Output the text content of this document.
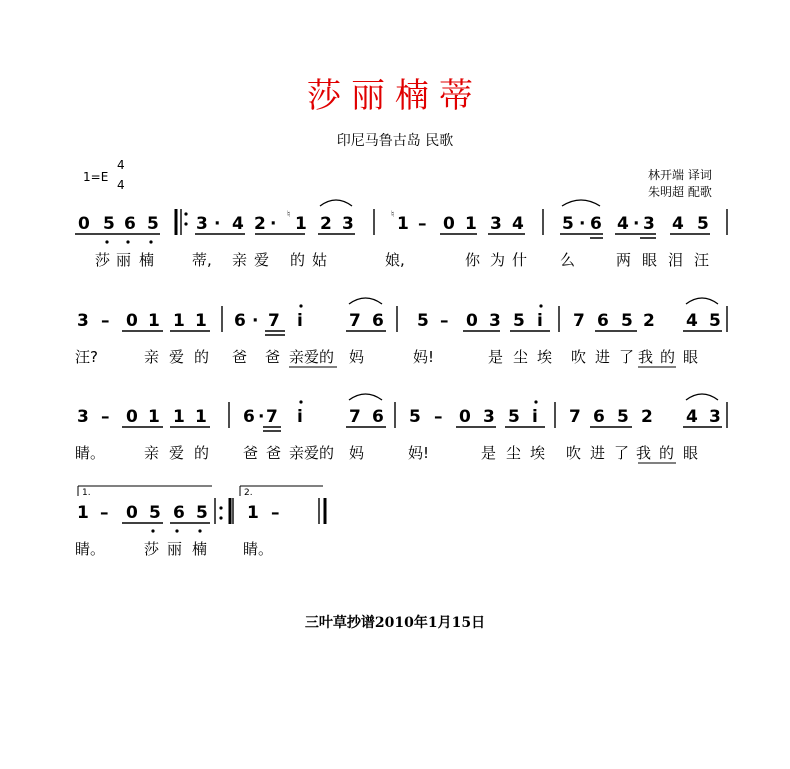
莎丽楠蒂
印尼马鲁古岛 民歌
1=E
4
4
林开端 译词
朱明超 配歌
三叶草抄谱2010年1月15日
0 5 6 5 3 · 4 2 · ♮ 1 2 3	♮ 1 – 0 1 3 4 5 · 6 4 · 3 4 5
莎 丽 楠	蒂, 亲 爱 的 姑	娘,	你 为 什 么	两 眼 泪 汪
3 – 0 1 1 1 6 · 7 i	7 6 5 – 0 3 5 i 7 6 5 2 4 5
汪?	亲 爱 的 爸 爸 亲爱的 妈	妈!	是 尘 埃 吹 进 了 我 的 眼
3 – 0 1 1 1 6 · 7 i	7 6 5 – 0 3 5 i 7 6 5 2 4 3
睛。	亲 爱 的 爸 爸 亲爱的 妈	妈!	是 尘 埃 吹 进 了 我 的 眼
1 – 0 5 6 5 1 –
睛。	莎 丽 楠 睛。
1.	2.
